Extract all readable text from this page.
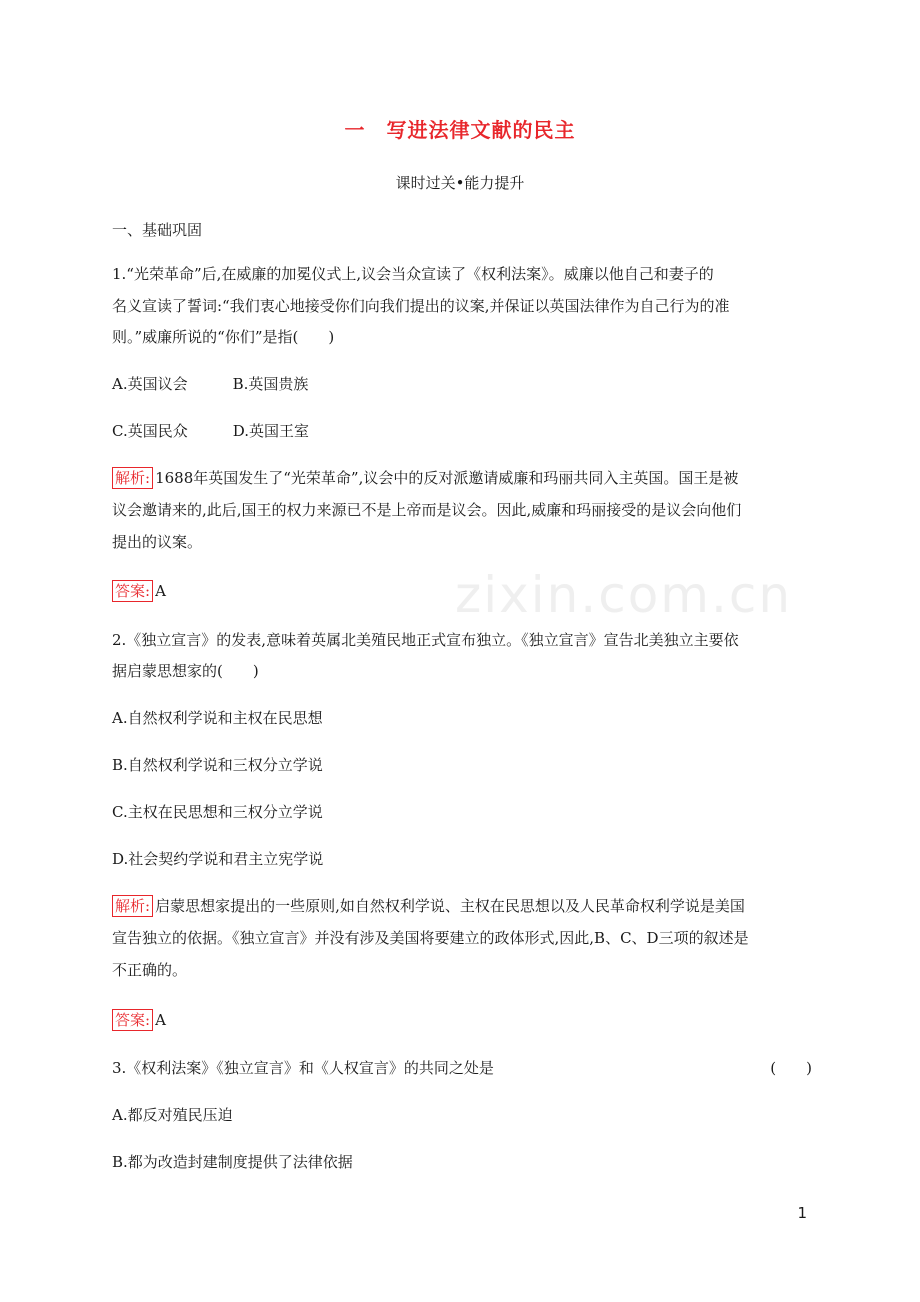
zixin.com.cn
一　写进法律文献的民主
课时过关•能力提升
一、基础巩固
1.“光荣革命”后,在威廉的加冕仪式上,议会当众宣读了《权利法案》。威廉以他自己和妻子的
名义宣读了誓词:“我们衷心地接受你们向我们提出的议案,并保证以英国法律作为自己行为的准
则。”威廉所说的“你们”是指(　　)
A.英国议会　　　B.英国贵族
C.英国民众　　　D.英国王室
解析: 1688年英国发生了“光荣革命”,议会中的反对派邀请威廉和玛丽共同入主英国。国王是被
议会邀请来的,此后,国王的权力来源已不是上帝而是议会。因此,威廉和玛丽接受的是议会向他们
提出的议案。
答案: A
2.《独立宣言》的发表,意味着英属北美殖民地正式宣布独立。《独立宣言》宣告北美独立主要依
据启蒙思想家的(　　)
A.自然权利学说和主权在民思想
B.自然权利学说和三权分立学说
C.主权在民思想和三权分立学说
D.社会契约学说和君主立宪学说
解析: 启蒙思想家提出的一些原则,如自然权利学说、主权在民思想以及人民革命权利学说是美国
宣告独立的依据。《独立宣言》并没有涉及美国将要建立的政体形式,因此,B、C、D三项的叙述是
不正确的。
答案: A
3.《权利法案》《独立宣言》和《人权宣言》的共同之处是	(　　)
A.都反对殖民压迫
B.都为改造封建制度提供了法律依据
1
